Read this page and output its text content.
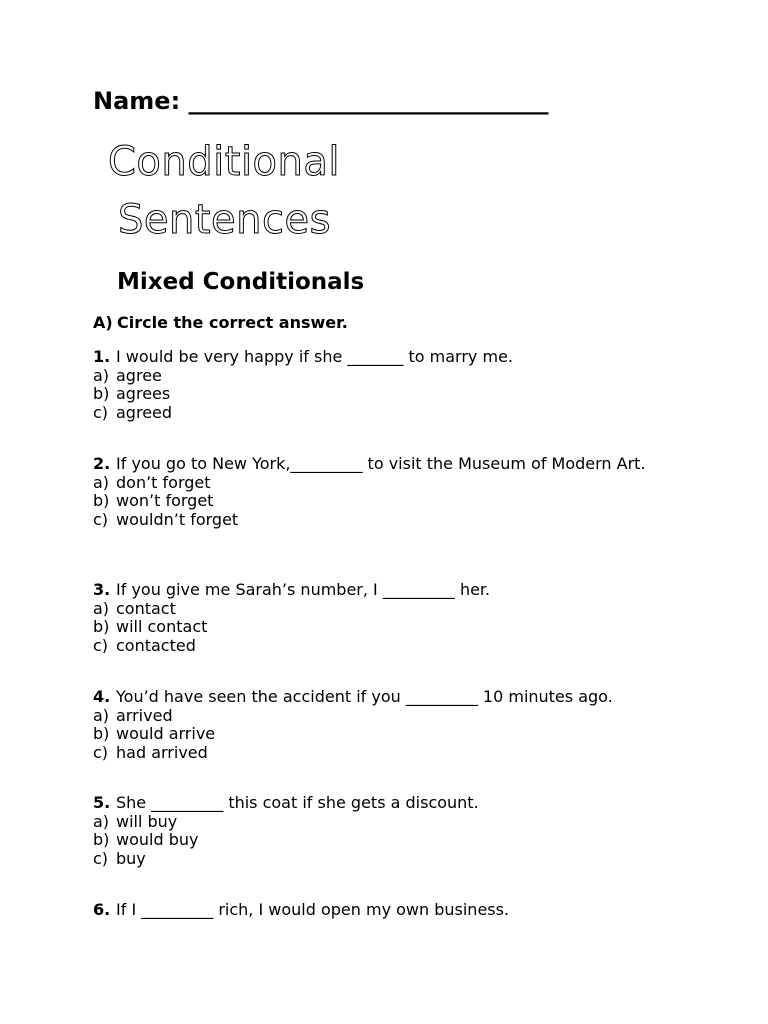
Name: ______________________________
Conditional
Sentences
Mixed Conditionals
A) Circle the correct answer.
1. I would be very happy if she _______ to marry me.
a) agree
b) agrees
c) agreed
2. If you go to New York,_________ to visit the Museum of Modern Art.
a) don’t forget
b) won’t forget
c) wouldn’t forget
3. If you give me Sarah’s number, I _________ her.
a) contact
b) will contact
c) contacted
4. You’d have seen the accident if you _________ 10 minutes ago.
a) arrived
b) would arrive
c) had arrived
5. She _________ this coat if she gets a discount.
a) will buy
b) would buy
c) buy
6. If I _________ rich, I would open my own business.
